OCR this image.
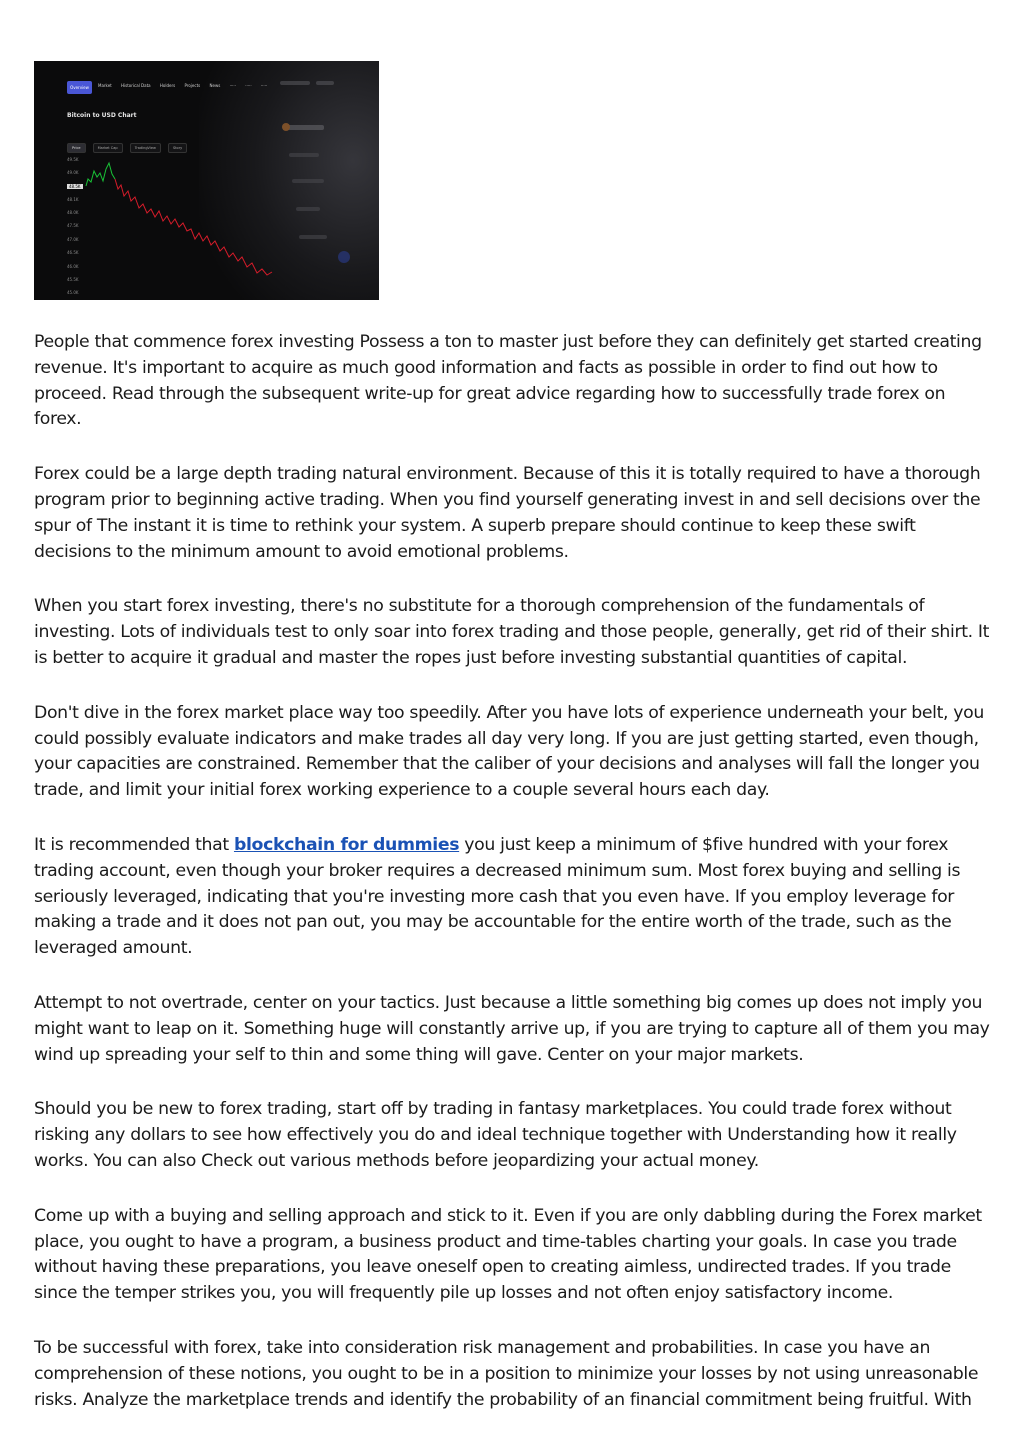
Overview	Market Historical Data Holders Projects News ····· ····· ·····
Bitcoin to USD Chart
Price	Market Cap	TradingView	Story
49.5K
49.0K
48.5K
48.1K
48.0K
47.5K
47.0K
46.5K
46.0K
45.5K
45.0K

People that commence forex investing Possess a ton to master just before they can definitely get started creating revenue. It's important to acquire as much good information and facts as possible in order to find out how to proceed. Read through the subsequent write-up for great advice regarding how to successfully trade forex on forex.

Forex could be a large depth trading natural environment. Because of this it is totally required to have a thorough program prior to beginning active trading. When you find yourself generating invest in and sell decisions over the spur of The instant it is time to rethink your system. A superb prepare should continue to keep these swift decisions to the minimum amount to avoid emotional problems.

When you start forex investing, there's no substitute for a thorough comprehension of the fundamentals of investing. Lots of individuals test to only soar into forex trading and those people, generally, get rid of their shirt. It is better to acquire it gradual and master the ropes just before investing substantial quantities of capital.

Don't dive in the forex market place way too speedily. After you have lots of experience underneath your belt, you could possibly evaluate indicators and make trades all day very long. If you are just getting started, even though, your capacities are constrained. Remember that the caliber of your decisions and analyses will fall the longer you trade, and limit your initial forex working experience to a couple several hours each day.

It is recommended that blockchain for dummies you just keep a minimum of $five hundred with your forex trading account, even though your broker requires a decreased minimum sum. Most forex buying and selling is seriously leveraged, indicating that you're investing more cash that you even have. If you employ leverage for making a trade and it does not pan out, you may be accountable for the entire worth of the trade, such as the leveraged amount.

Attempt to not overtrade, center on your tactics. Just because a little something big comes up does not imply you might want to leap on it. Something huge will constantly arrive up, if you are trying to capture all of them you may wind up spreading your self to thin and some thing will gave. Center on your major markets.

Should you be new to forex trading, start off by trading in fantasy marketplaces. You could trade forex without risking any dollars to see how effectively you do and ideal technique together with Understanding how it really works. You can also Check out various methods before jeopardizing your actual money.

Come up with a buying and selling approach and stick to it. Even if you are only dabbling during the Forex market place, you ought to have a program, a business product and time-tables charting your goals. In case you trade without having these preparations, you leave oneself open to creating aimless, undirected trades. If you trade since the temper strikes you, you will frequently pile up losses and not often enjoy satisfactory income.

To be successful with forex, take into consideration risk management and probabilities. In case you have an comprehension of these notions, you ought to be in a position to minimize your losses by not using unreasonable risks. Analyze the marketplace trends and identify the probability of an financial commitment being fruitful. With
